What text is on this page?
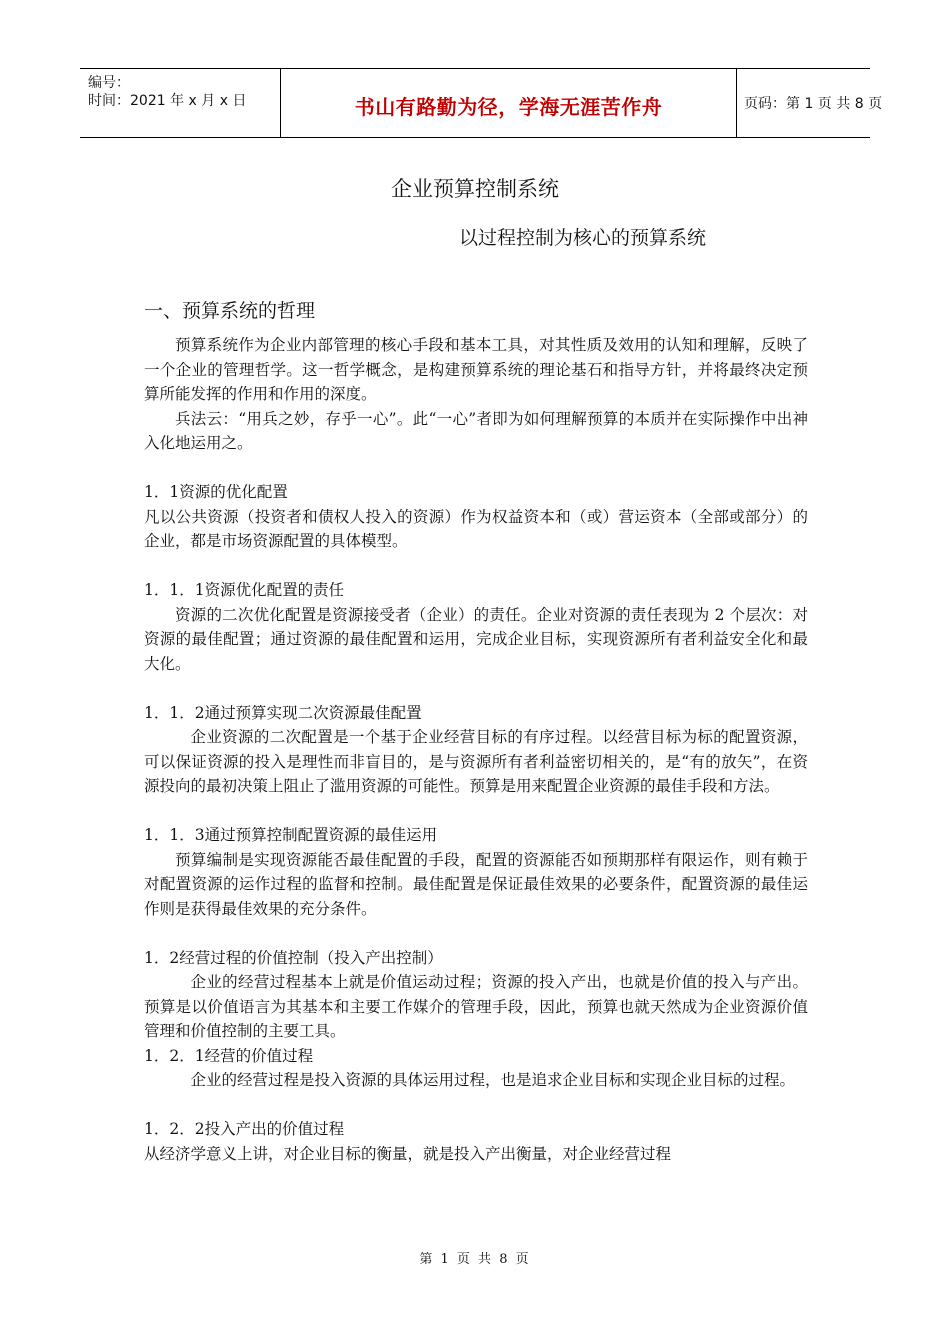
编号：
时间：2021 年 x 月 x 日	书山有路勤为径，学海无涯苦作舟	页码：第 1 页 共 8 页
企业预算控制系统
以过程控制为核心的预算系统
一、预算系统的哲理

预算系统作为企业内部管理的核心手段和基本工具，对其性质及效用的认知和理解，反映了一个企业的管理哲学。这一哲学概念，是构建预算系统的理论基石和指导方针，并将最终决定预算所能发挥的作用和作用的深度。

兵法云：“用兵之妙，存乎一心”。此“一心”者即为如何理解预算的本质并在实际操作中出神入化地运用之。

1．1资源的优化配置

凡以公共资源（投资者和债权人投入的资源）作为权益资本和（或）营运资本（全部或部分）的企业，都是市场资源配置的具体模型。

1．1．1资源优化配置的责任

资源的二次优化配置是资源接受者（企业）的责任。企业对资源的责任表现为 2 个层次：对资源的最佳配置；通过资源的最佳配置和运用，完成企业目标，实现资源所有者利益安全化和最大化。

1．1．2通过预算实现二次资源最佳配置

企业资源的二次配置是一个基于企业经营目标的有序过程。以经营目标为标的配置资源，可以保证资源的投入是理性而非盲目的，是与资源所有者利益密切相关的，是“有的放矢”，在资源投向的最初决策上阻止了滥用资源的可能性。预算是用来配置企业资源的最佳手段和方法。

1．1．3通过预算控制配置资源的最佳运用

预算编制是实现资源能否最佳配置的手段，配置的资源能否如预期那样有限运作，则有赖于对配置资源的运作过程的监督和控制。最佳配置是保证最佳效果的必要条件，配置资源的最佳运作则是获得最佳效果的充分条件。

1．2经营过程的价值控制（投入产出控制）

企业的经营过程基本上就是价值运动过程；资源的投入产出，也就是价值的投入与产出。预算是以价值语言为其基本和主要工作媒介的管理手段，因此，预算也就天然成为企业资源价值管理和价值控制的主要工具。

1．2．1经营的价值过程

企业的经营过程是投入资源的具体运用过程，也是追求企业目标和实现企业目标的过程。

1．2．2投入产出的价值过程

从经济学意义上讲，对企业目标的衡量，就是投入产出衡量，对企业经营过程

第 1 页 共 8 页
